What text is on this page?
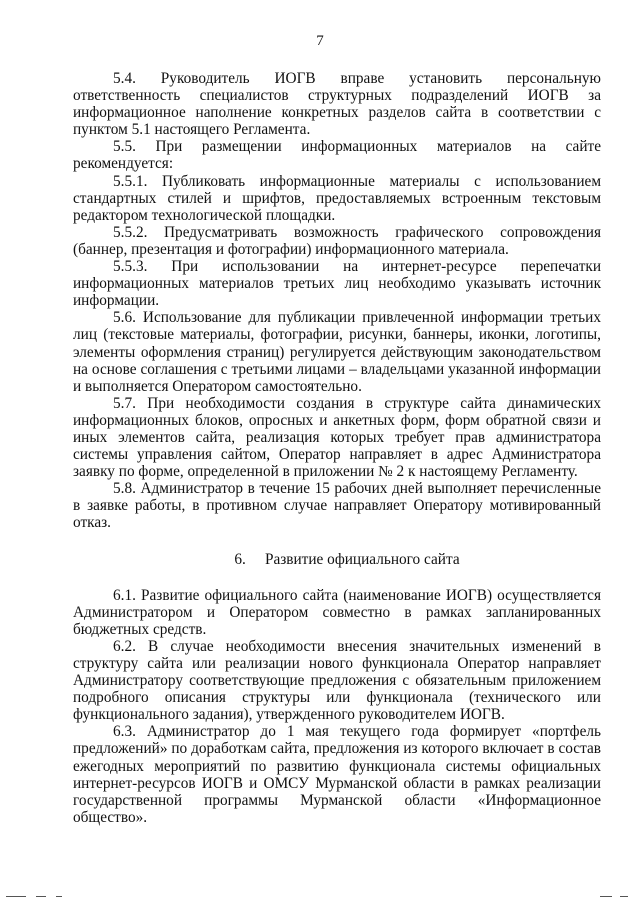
7

5.4. Руководитель ИОГВ вправе установить персональную ответственность специалистов структурных подразделений ИОГВ за информационное наполнение конкретных разделов сайта в соответствии с пунктом 5.1 настоящего Регламента.

5.5. При размещении информационных материалов на сайте рекомендуется:

5.5.1. Публиковать информационные материалы с использованием стандартных стилей и шрифтов, предоставляемых встроенным текстовым редактором технологической площадки.

5.5.2. Предусматривать возможность графического сопровождения (баннер, презентация и фотографии) информационного материала.

5.5.3. При использовании на интернет-ресурсе перепечатки информационных материалов третьих лиц необходимо указывать источник информации.

5.6. Использование для публикации привлеченной информации третьих лиц (текстовые материалы, фотографии, рисунки, баннеры, иконки, логотипы, элементы оформления страниц) регулируется действующим законодательством на основе соглашения с третьими лицами – владельцами указанной информации и выполняется Оператором самостоятельно.

5.7. При необходимости создания в структуре сайта динамических информационных блоков, опросных и анкетных форм, форм обратной связи и иных элементов сайта, реализация которых требует прав администратора системы управления сайтом, Оператор направляет в адрес Администратора заявку по форме, определенной в приложении № 2 к настоящему Регламенту.

5.8. Администратор в течение 15 рабочих дней выполняет перечисленные в заявке работы, в противном случае направляет Оператору мотивированный отказ.

6.     Развитие официального сайта

6.1. Развитие официального сайта (наименование ИОГВ) осуществляется Администратором и Оператором совместно в рамках запланированных бюджетных средств.

6.2. В случае необходимости внесения значительных изменений в структуру сайта или реализации нового функционала Оператор направляет Администратору соответствующие предложения с обязательным приложением подробного описания структуры или функционала (технического или функционального задания), утвержденного руководителем ИОГВ.

6.3. Администратор до 1 мая текущего года формирует «портфель предложений» по доработкам сайта, предложения из которого включает в состав ежегодных мероприятий по развитию функционала системы официальных интернет-ресурсов ИОГВ и ОМСУ Мурманской области в рамках реализации государственной программы Мурманской области «Информационное общество».
